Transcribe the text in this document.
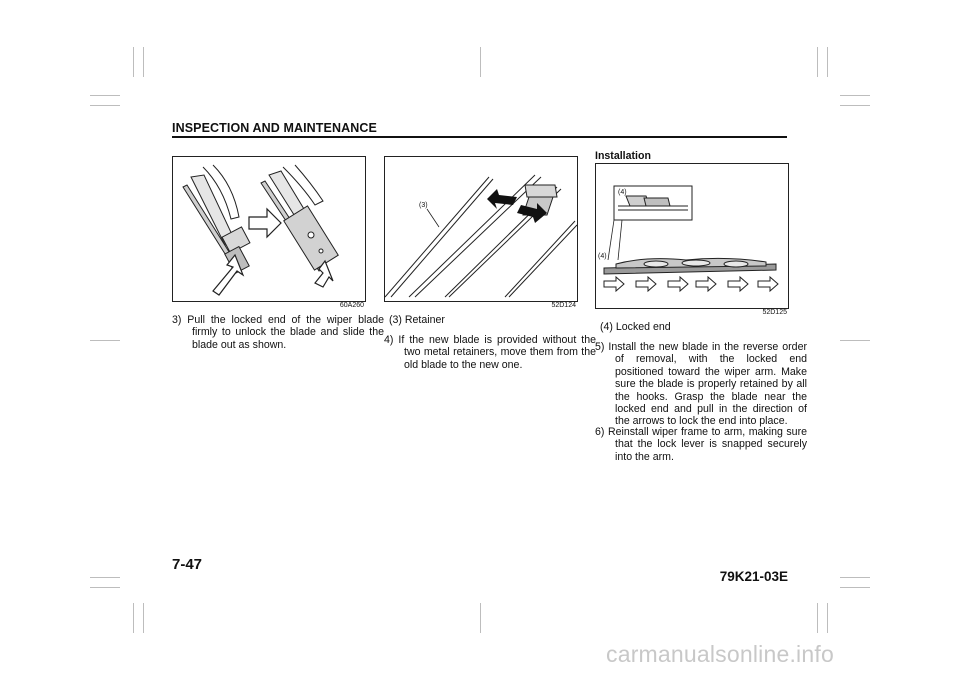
INSPECTION AND MAINTENANCE
60A260
3) Pull the locked end of the wiper blade firmly to unlock the blade and slide the blade out as shown.
(3)
52D124
(3) Retainer
4) If the new blade is provided without the two metal retainers, move them from the old blade to the new one.
Installation
(4)
(4)
52D125
(4) Locked end
5) Install the new blade in the reverse order of removal, with the locked end positioned toward the wiper arm. Make sure the blade is properly retained by all the hooks. Grasp the blade near the locked end and pull in the direction of the arrows to lock the end into place.
6) Reinstall wiper frame to arm, making sure that the lock lever is snapped securely into the arm.
7-47
79K21-03E
carmanualsonline.info
